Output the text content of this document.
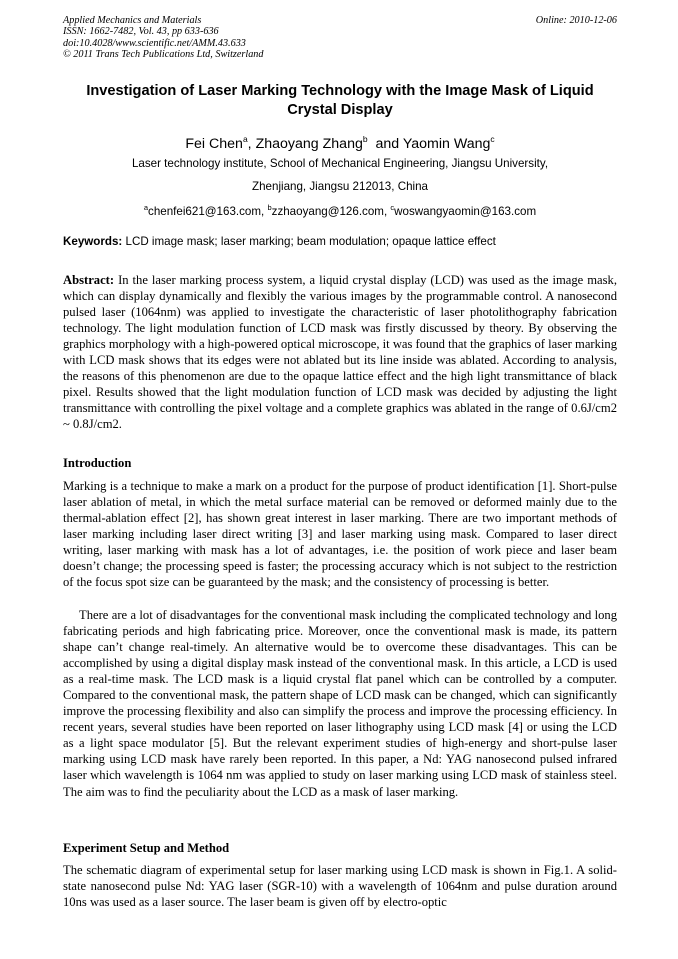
Applied Mechanics and Materials
ISSN: 1662-7482, Vol. 43, pp 633-636
doi:10.4028/www.scientific.net/AMM.43.633
© 2011 Trans Tech Publications Ltd, Switzerland
Online: 2010-12-06
Investigation of Laser Marking Technology with the Image Mask of Liquid Crystal Display
Fei Chen$^a$, Zhaoyang Zhang$^b$ and Yaomin Wang$^c$
Laser technology institute, School of Mechanical Engineering, Jiangsu University,
Zhenjiang, Jiangsu 212013, China
$^a$chenfei621@163.com, $^b$zzhaoyang@126.com, $^c$woswangyaomin@163.com
Keywords: LCD image mask; laser marking; beam modulation; opaque lattice effect
Abstract: In the laser marking process system, a liquid crystal display (LCD) was used as the image mask, which can display dynamically and flexibly the various images by the programmable control. A nanosecond pulsed laser (1064nm) was applied to investigate the characteristic of laser photolithography fabrication technology. The light modulation function of LCD mask was firstly discussed by theory. By observing the graphics morphology with a high-powered optical microscope, it was found that the graphics of laser marking with LCD mask shows that its edges were not ablated but its line inside was ablated. According to analysis, the reasons of this phenomenon are due to the opaque lattice effect and the high light transmittance of black pixel. Results showed that the light modulation function of LCD mask was decided by adjusting the light transmittance with controlling the pixel voltage and a complete graphics was ablated in the range of 0.6J/cm2 ~ 0.8J/cm2.
Introduction
Marking is a technique to make a mark on a product for the purpose of product identification [1]. Short-pulse laser ablation of metal, in which the metal surface material can be removed or deformed mainly due to the thermal-ablation effect [2], has shown great interest in laser marking. There are two important methods of laser marking including laser direct writing [3] and laser marking using mask. Compared to laser direct writing, laser marking with mask has a lot of advantages, i.e. the position of work piece and laser beam doesn’t change; the processing speed is faster; the processing accuracy which is not subject to the restriction of the focus spot size can be guaranteed by the mask; and the consistency of processing is better.
There are a lot of disadvantages for the conventional mask including the complicated technology and long fabricating periods and high fabricating price. Moreover, once the conventional mask is made, its pattern shape can’t change real-timely. An alternative would be to overcome these disadvantages. This can be accomplished by using a digital display mask instead of the conventional mask. In this article, a LCD is used as a real-time mask. The LCD mask is a liquid crystal flat panel which can be controlled by a computer. Compared to the conventional mask, the pattern shape of LCD mask can be changed, which can significantly improve the processing flexibility and also can simplify the process and improve the processing efficiency. In recent years, several studies have been reported on laser lithography using LCD mask [4] or using the LCD as a light space modulator [5]. But the relevant experiment studies of high-energy and short-pulse laser marking using LCD mask have rarely been reported. In this paper, a Nd: YAG nanosecond pulsed infrared laser which wavelength is 1064 nm was applied to study on laser marking using LCD mask of stainless steel. The aim was to find the peculiarity about the LCD as a mask of laser marking.
Experiment Setup and Method
The schematic diagram of experimental setup for laser marking using LCD mask is shown in Fig.1. A solid-state nanosecond pulse Nd: YAG laser (SGR-10) with a wavelength of 1064nm and pulse duration around 10ns was used as a laser source. The laser beam is given off by electro-optic
